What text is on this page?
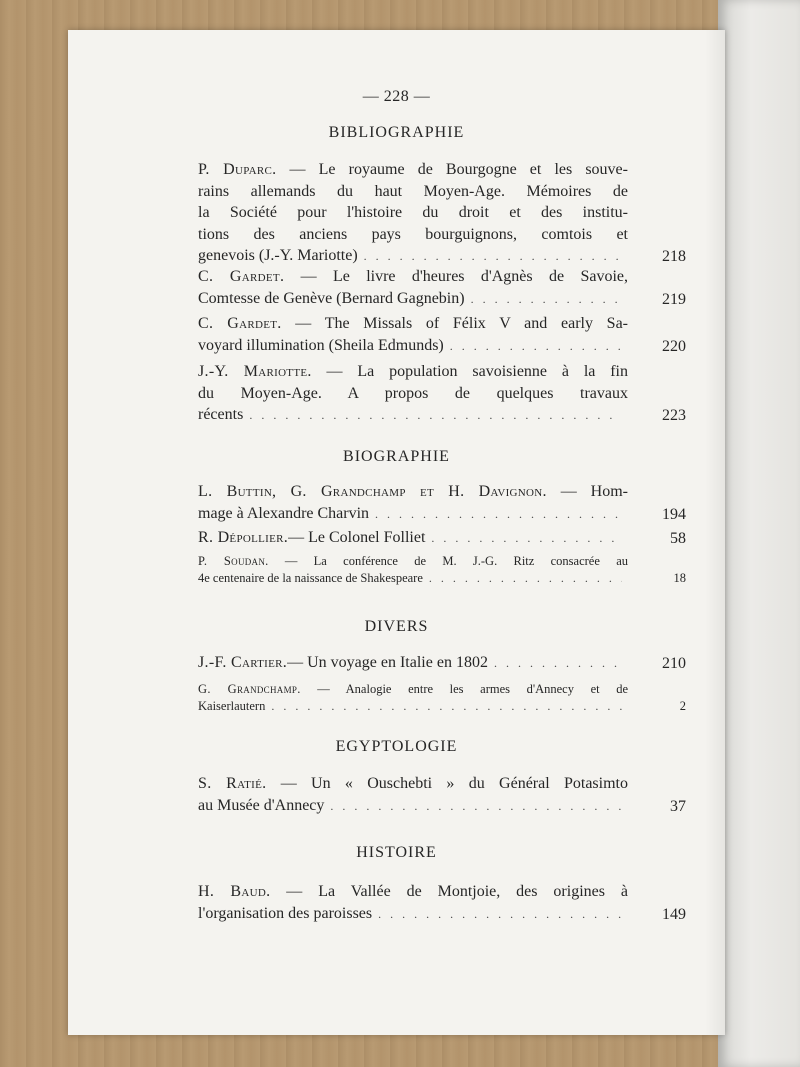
— 228 —
BIBLIOGRAPHIE
P. Duparc. — Le royaume de Bourgogne et les souve-
rains allemands du haut Moyen-Age. Mémoires de
la Société pour l'histoire du droit et des institu-
tions des anciens pays bourguignons, comtois et
genevois (J.-Y. Mariotte) . . .	218
C. Gardet. — Le livre d'heures d'Agnès de Savoie,
Comtesse de Genève (Bernard Gagnebin) . . .	219
C. Gardet. — The Missals of Félix V and early Sa-
voyard illumination (Sheila Edmunds) . . .	220
J.-Y. Mariotte. — La population savoisienne à la fin
du Moyen-Age. A propos de quelques travaux
récents . . .	223
BIOGRAPHIE
L. Buttin, G. Grandchamp et H. Davignon. — Hom-
mage à Alexandre Charvin . . .	194
R. Dépollier. — Le Colonel Folliet . . .	58
P. Soudan. — La conférence de M. J.-G. Ritz consacrée au
4e centenaire de la naissance de Shakespeare . . .	18
DIVERS
J.-F. Cartier. — Un voyage en Italie en 1802 . . .	210
G. Grandchamp. — Analogie entre les armes d'Annecy et de
Kaiserlautern . . .	2
EGYPTOLOGIE
S. Ratié. — Un « Ouschebti » du Général Potasimto
au Musée d'Annecy . . .	37
HISTOIRE
H. Baud. — La Vallée de Montjoie, des origines à
l'organisation des paroisses . . .	149
